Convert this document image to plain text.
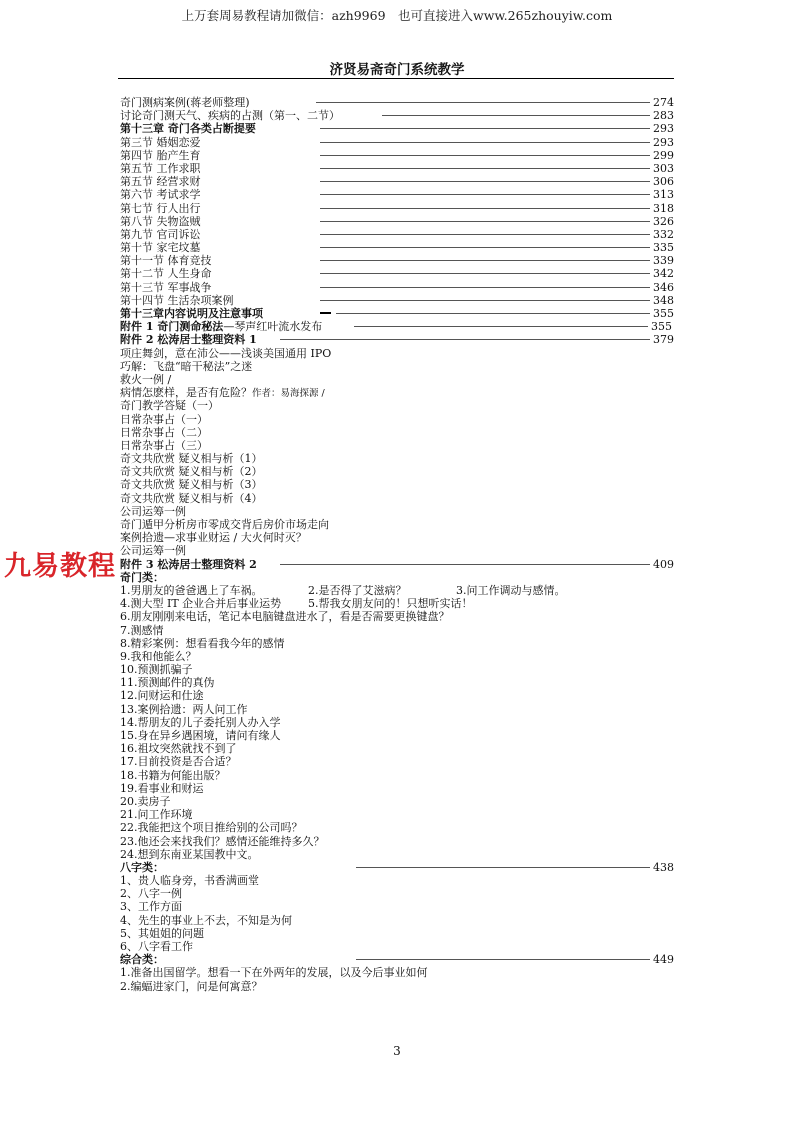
上万套周易教程请加微信：azh9969　也可直接进入www.265zhouyiw.com
济贤易斋奇门系统教学
奇门测病案例(蒋老师整理)	274
讨论奇门测天气、疾病的占测（第一、二节）	283
第十三章 奇门各类占断提要	293
第三节 婚姻恋爱	293
第四节 胎产生育	299
第五节 工作求职	303
第五节 经营求财	306
第六节 考试求学	313
第七节 行人出行	318
第八节 失物盗贼	326
第九节 官司诉讼	332
第十节 家宅坟墓	335
第十一节 体育竞技	339
第十二节 人生身命	342
第十三节 军事战争	346
第十四节 生活杂项案例	348
第十三章内容说明及注意事项	355
附件 1 奇门测命秘法—琴声红叶流水发布	355
附件 2 松涛居士整理资料 1	379
项庄舞剑，意在沛公——浅谈美国通用 IPO
巧解：飞盘“暗干秘法”之迷
救火一例 /
病情怎麽样，是否有危险？作者：易海探源 /
奇门教学答疑（一）
日常杂事占（一）
日常杂事占（二）
日常杂事占（三）
奇文共欣赏 疑义相与析（1）
奇文共欣赏 疑义相与析（2）
奇文共欣赏 疑义相与析（3）
奇文共欣赏 疑义相与析（4）
公司运筹一例
奇门遁甲分析房市零成交背后房价市场走向
案例拾遗—求事业财运 / 大火何时灭？
公司运筹一例
附件 3 松涛居士整理资料 2	409
奇门类：
1.男朋友的爸爸遇上了车祸。	2.是否得了艾滋病？	3.问工作调动与感情。
4.测大型 IT 企业合并后事业运势 5.帮我女朋友问的！只想听实话！
6.朋友刚刚来电话，笔记本电脑键盘进水了，看是否需要更换键盘？
7.测感情
8.精彩案例：想看看我今年的感情
9.我和他能么？
10.预测抓骗子
11.预测邮件的真伪
12.问财运和仕途
13.案例拾遗：两人问工作
14.帮朋友的儿子委托别人办入学
15.身在异乡遇困境，请问有缘人
16.祖坟突然就找不到了
17.目前投资是否合适？
18.书籍为何能出版？
19.看事业和财运
20.卖房子
21.问工作环境
22.我能把这个项目推给别的公司吗？
23.他还会来找我们？感情还能维持多久？
24.想到东南亚某国教中文。
八字类：	438
1、贵人临身旁，书香满画堂
2、八字一例
3、工作方面
4、先生的事业上不去，不知是为何
5、其姐姐的问题
6、八字看工作
综合类：	449
1.准备出国留学。想看一下在外两年的发展，以及今后事业如何
2.编蝠进家门，问是何寓意？
九易教程
3
